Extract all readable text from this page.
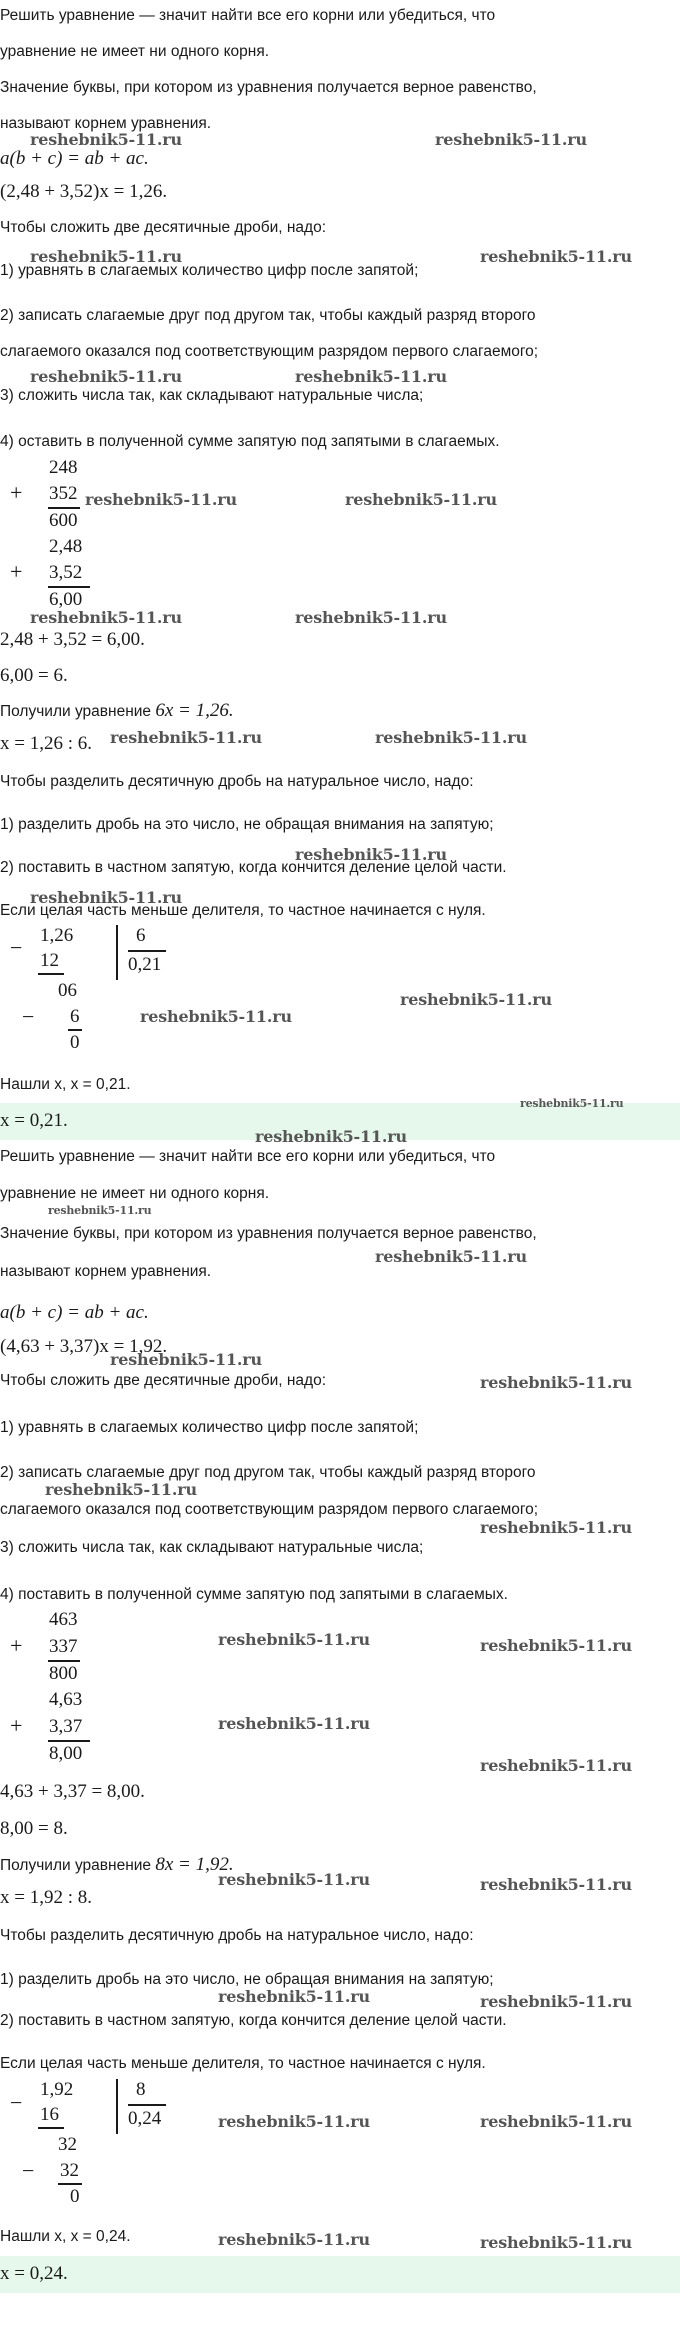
Решить уравнение — значит найти все его корни или убедиться, что
уравнение не имеет ни одного корня.
Значение буквы, при котором из уравнения получается верное равенство,
называют корнем уравнения.
a(b + c) = ab + ac.
(2,48 + 3,52)x = 1,26.
Чтобы сложить две десятичные дроби, надо:
1) уравнять в слагаемых количество цифр после запятой;
2) записать слагаемые друг под другом так, чтобы каждый разряд второго
слагаемого оказался под соответствующим разрядом первого слагаемого;
3) сложить числа так, как складывают натуральные числа;
4) оставить в полученной сумме запятую под запятыми в слагаемых.
248
+ 352
600
2,48
+ 3,52
6,00
2,48 + 3,52 = 6,00.
6,00 = 6.
Получили уравнение 6x = 1,26.
x = 1,26 : 6.
Чтобы разделить десятичную дробь на натуральное число, надо:
1) разделить дробь на это число, не обращая внимания на запятую;
2) поставить в частном запятую, когда кончится деление целой части.
Если целая часть меньше делителя, то частное начинается с нуля.
− 1,26
12
6
0,21
06
− 6
0
Нашли x, x = 0,21.
x = 0,21.
Решить уравнение — значит найти все его корни или убедиться, что
уравнение не имеет ни одного корня.
Значение буквы, при котором из уравнения получается верное равенство,
называют корнем уравнения.
a(b + c) = ab + ac.
(4,63 + 3,37)x = 1,92.
Чтобы сложить две десятичные дроби, надо:
1) уравнять в слагаемых количество цифр после запятой;
2) записать слагаемые друг под другом так, чтобы каждый разряд второго
слагаемого оказался под соответствующим разрядом первого слагаемого;
3) сложить числа так, как складывают натуральные числа;
4) поставить в полученной сумме запятую под запятыми в слагаемых.
463
+ 337
800
4,63
+ 3,37
8,00
4,63 + 3,37 = 8,00.
8,00 = 8.
Получили уравнение 8x = 1,92.
x = 1,92 : 8.
Чтобы разделить десятичную дробь на натуральное число, надо:
1) разделить дробь на это число, не обращая внимания на запятую;
2) поставить в частном запятую, когда кончится деление целой части.
Если целая часть меньше делителя, то частное начинается с нуля.
−
1,92
16
8
0,24
32
− 32
0
Нашли x, x = 0,24.
x = 0,24.
reshebnik5-11.ru	reshebnik5-11.ru
reshebnik5-11.ru	reshebnik5-11.ru
reshebnik5-11.ru	reshebnik5-11.ru
reshebnik5-11.ru	reshebnik5-11.ru
reshebnik5-11.ru	reshebnik5-11.ru
reshebnik5-11.ru	reshebnik5-11.ru
reshebnik5-11.ru
reshebnik5-11.ru
reshebnik5-11.ru
reshebnik5-11.ru
reshebnik5-11.ru
reshebnik5-11.ru
reshebnik5-11.ru
reshebnik5-11.ru
reshebnik5-11.ru
reshebnik5-11.ru
reshebnik5-11.ru
reshebnik5-11.ru
reshebnik5-11.ru	reshebnik5-11.ru
reshebnik5-11.ru
reshebnik5-11.ru
reshebnik5-11.ru	reshebnik5-11.ru
reshebnik5-11.ru	reshebnik5-11.ru
reshebnik5-11.ru	reshebnik5-11.ru
reshebnik5-11.ru	reshebnik5-11.ru
